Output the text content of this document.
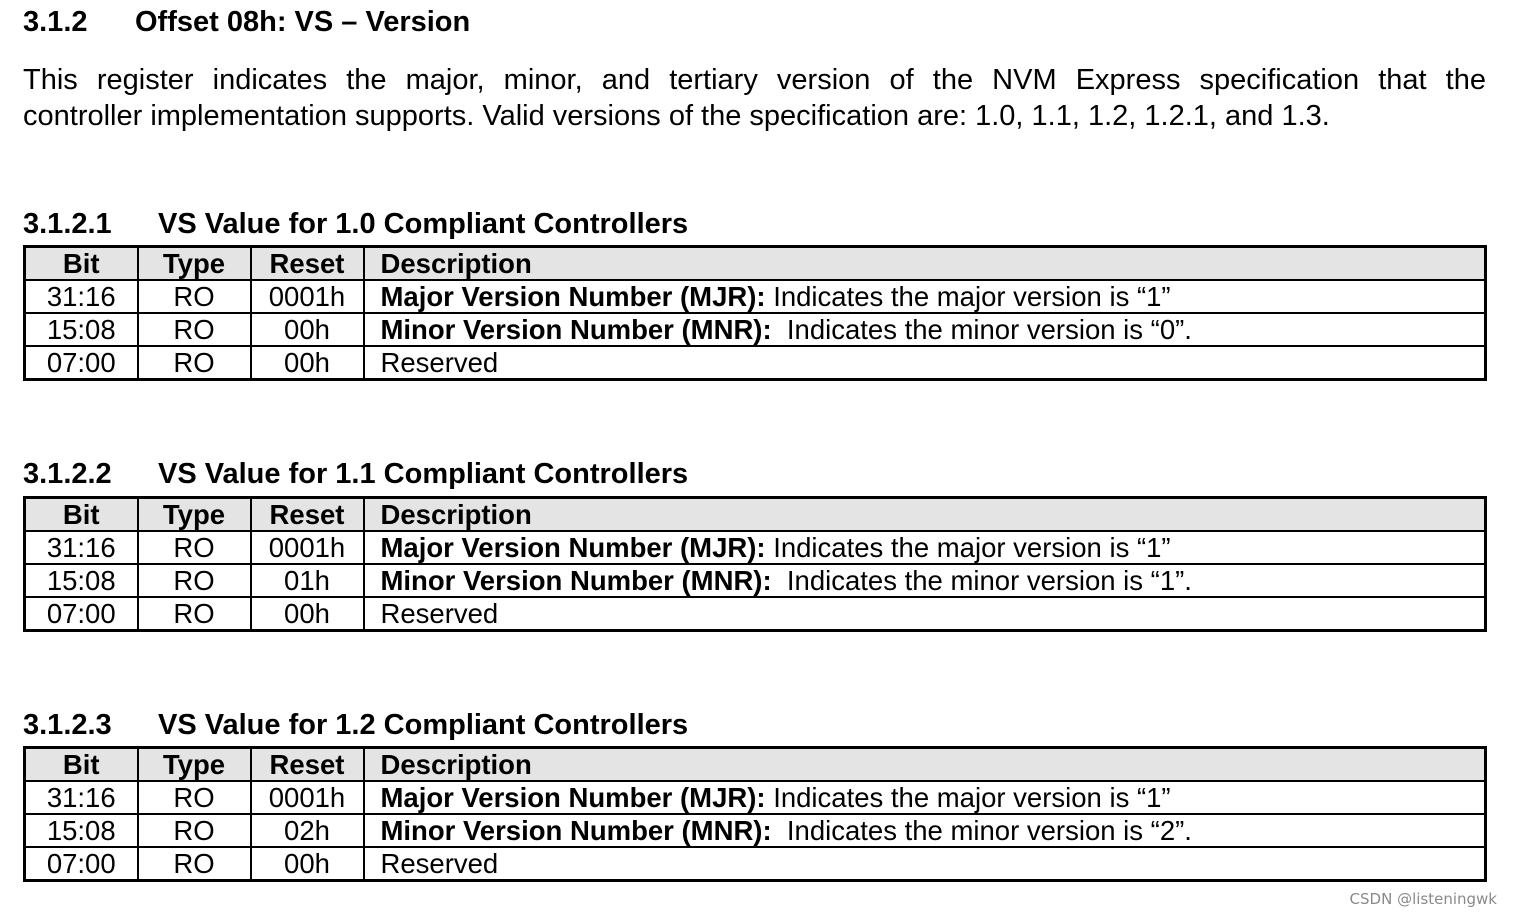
3.1.2 Offset 08h: VS – Version

This register indicates the major, minor, and tertiary version of the NVM Express specification that the
controller implementation supports. Valid versions of the specification are: 1.0, 1.1, 1.2, 1.2.1, and 1.3.

3.1.2.1 VS Value for 1.0 Compliant Controllers
Bit	Type	Reset	Description
31:16	RO	0001h	Major Version Number (MJR): Indicates the major version is “1”
15:08	RO	00h	Minor Version Number (MNR):  Indicates the minor version is “0”.
07:00	RO	00h	Reserved
3.1.2.2 VS Value for 1.1 Compliant Controllers
Bit	Type	Reset	Description
31:16	RO	0001h	Major Version Number (MJR): Indicates the major version is “1”
15:08	RO	01h	Minor Version Number (MNR):  Indicates the minor version is “1”.
07:00	RO	00h	Reserved
3.1.2.3 VS Value for 1.2 Compliant Controllers
Bit	Type	Reset	Description
31:16	RO	0001h	Major Version Number (MJR): Indicates the major version is “1”
15:08	RO	02h	Minor Version Number (MNR):  Indicates the minor version is “2”.
07:00	RO	00h	Reserved
CSDN @listeningwk
